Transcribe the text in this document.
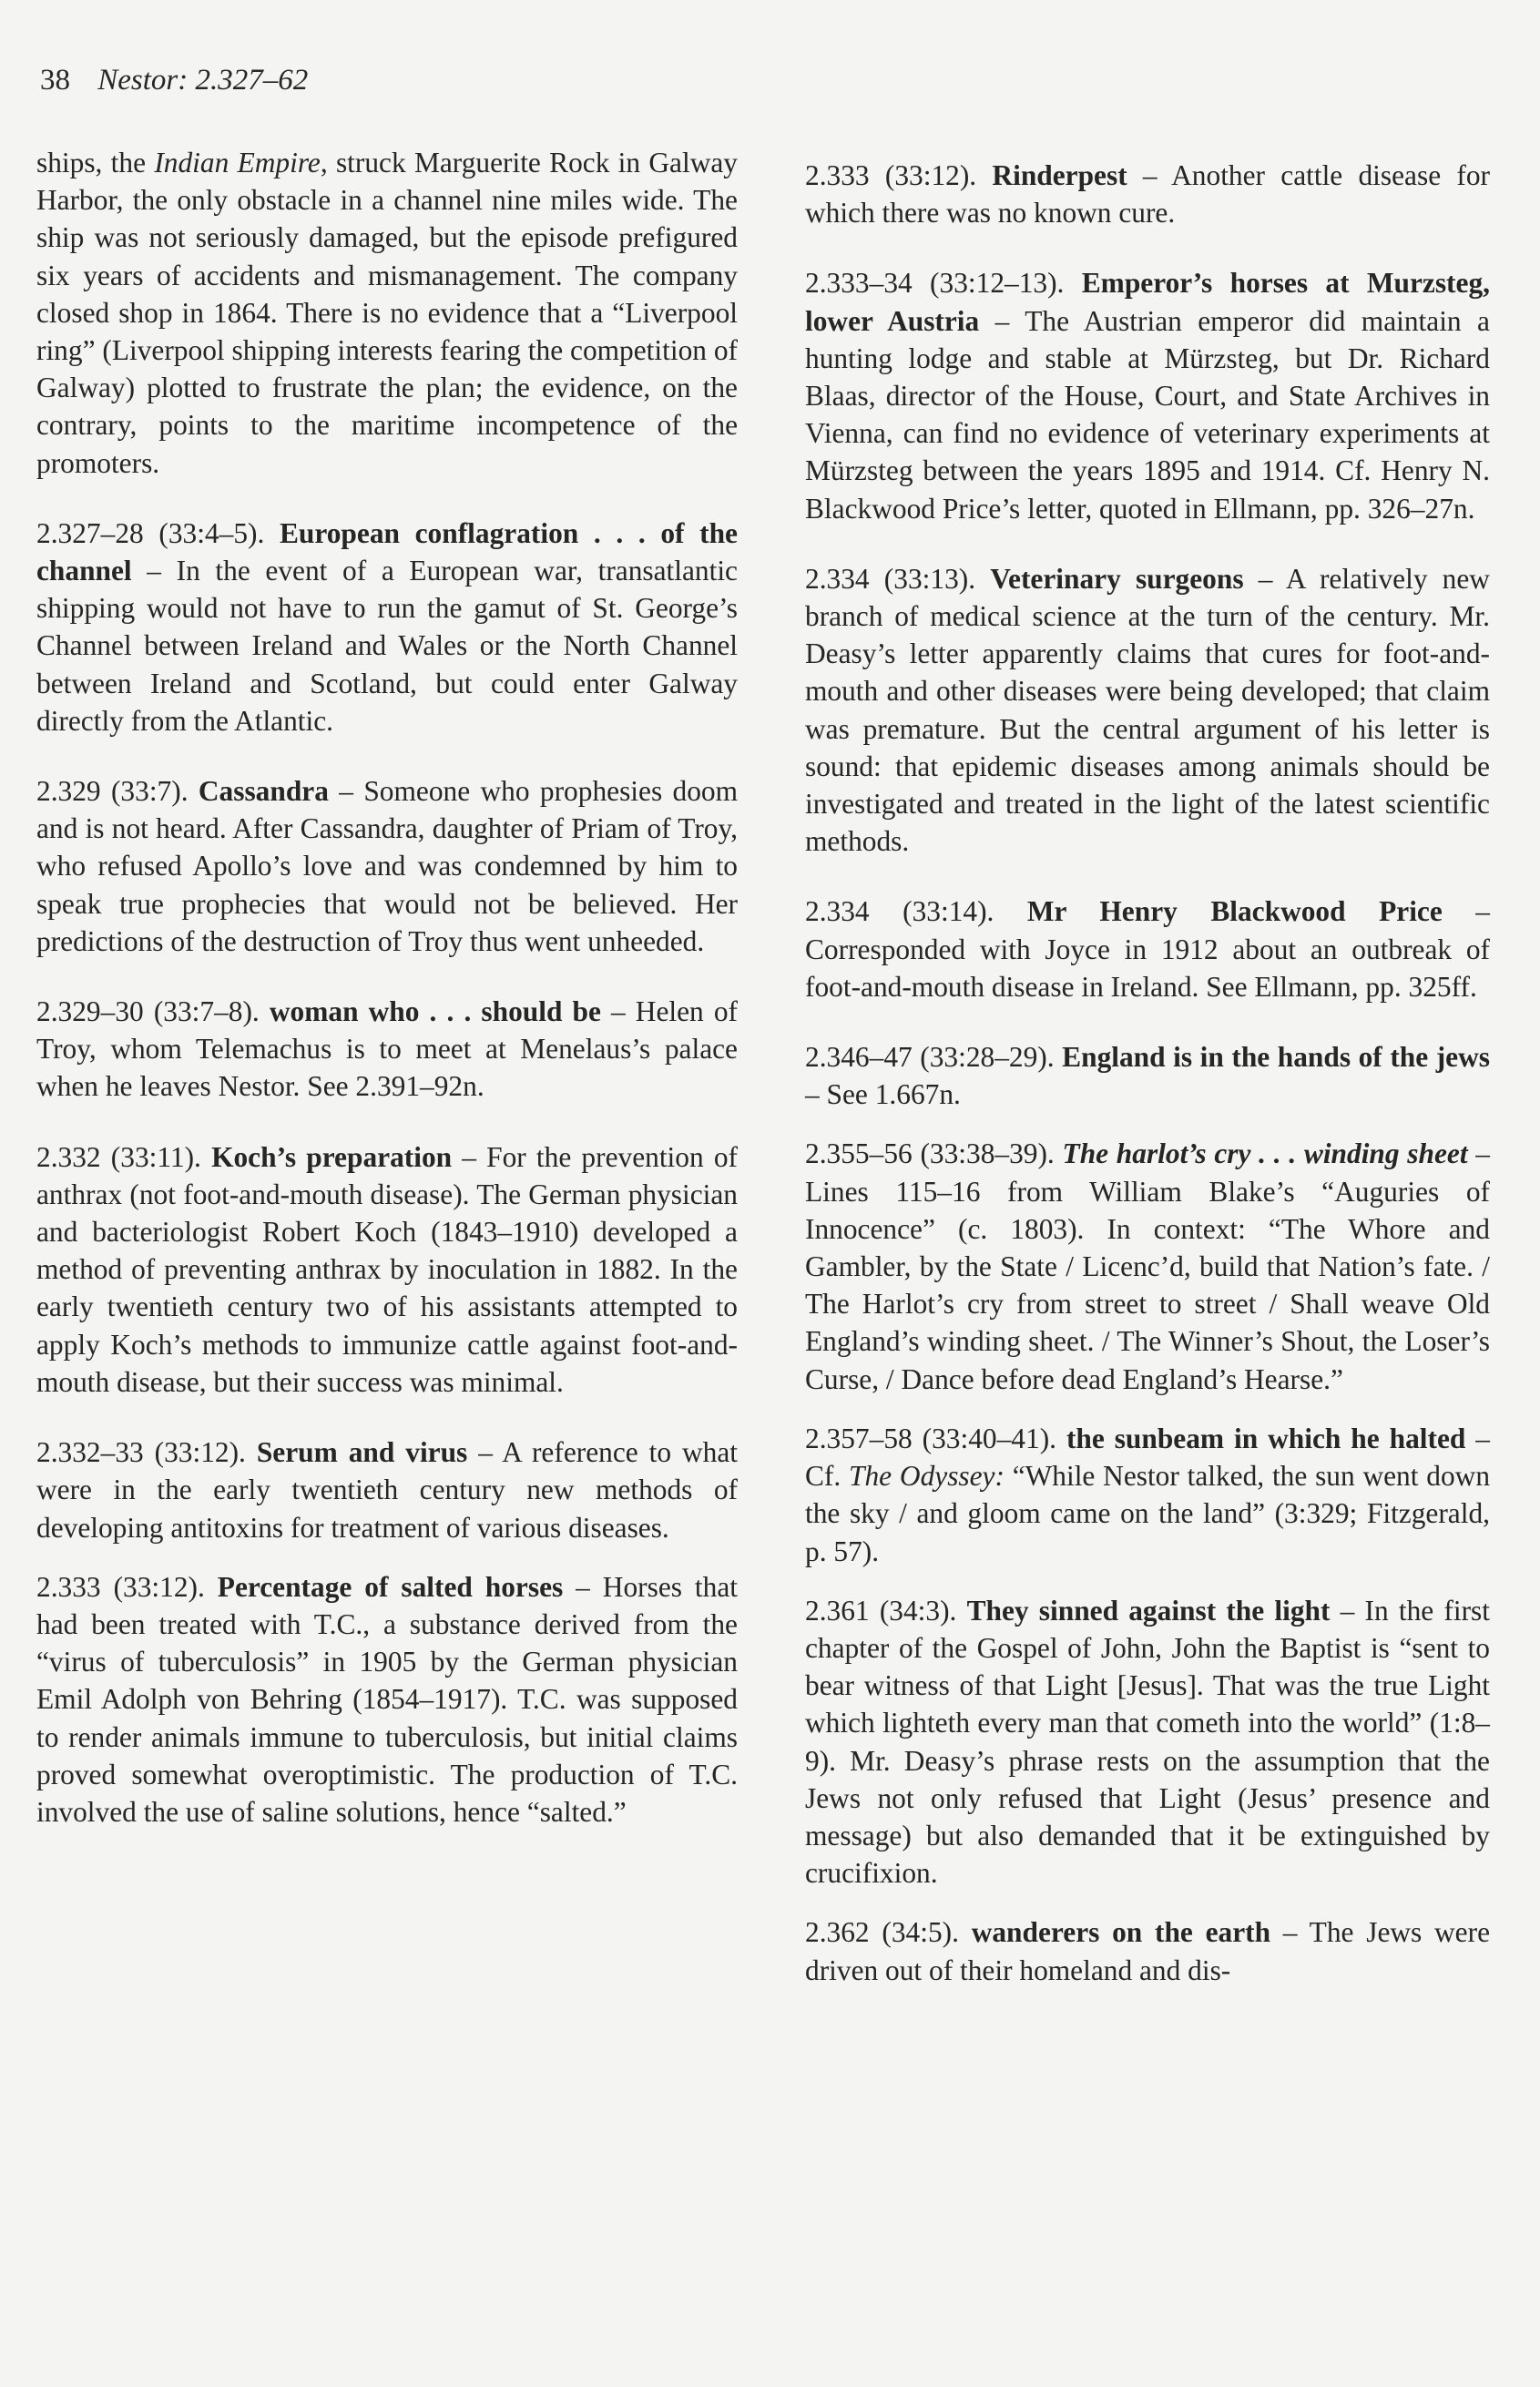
38 Nestor: 2.327–62

ships, the Indian Empire, struck Marguerite Rock in Galway Harbor, the only obstacle in a channel nine miles wide. The ship was not seriously damaged, but the episode prefigured six years of accidents and mismanagement. The company closed shop in 1864. There is no evidence that a “Liverpool ring” (Liverpool shipping interests fearing the competition of Galway) plotted to frustrate the plan; the evidence, on the contrary, points to the maritime incompetence of the promoters.

2.327–28 (33:4–5). European conflagration . . . of the channel – In the event of a European war, transatlantic shipping would not have to run the gamut of St. George’s Channel between Ireland and Wales or the North Channel between Ireland and Scotland, but could enter Galway directly from the Atlantic.

2.329 (33:7). Cassandra – Someone who prophesies doom and is not heard. After Cassandra, daughter of Priam of Troy, who refused Apollo’s love and was condemned by him to speak true prophecies that would not be believed. Her predictions of the destruction of Troy thus went unheeded.

2.329–30 (33:7–8). woman who . . . should be – Helen of Troy, whom Telemachus is to meet at Menelaus’s palace when he leaves Nestor. See 2.391–92n.

2.332 (33:11). Koch’s preparation – For the prevention of anthrax (not foot-and-mouth disease). The German physician and bacteriologist Robert Koch (1843–1910) developed a method of preventing anthrax by inoculation in 1882. In the early twentieth century two of his assistants attempted to apply Koch’s methods to immunize cattle against foot-and-mouth disease, but their success was minimal.

2.332–33 (33:12). Serum and virus – A reference to what were in the early twentieth century new methods of developing antitoxins for treatment of various diseases.

2.333 (33:12). Percentage of salted horses – Horses that had been treated with T.C., a substance derived from the “virus of tuberculosis” in 1905 by the German physician Emil Adolph von Behring (1854–1917). T.C. was supposed to render animals immune to tuberculosis, but initial claims proved somewhat overoptimistic. The production of T.C. involved the use of saline solutions, hence “salted.”

2.333 (33:12). Rinderpest – Another cattle disease for which there was no known cure.

2.333–34 (33:12–13). Emperor’s horses at Murzsteg, lower Austria – The Austrian emperor did maintain a hunting lodge and stable at Mürzsteg, but Dr. Richard Blaas, director of the House, Court, and State Archives in Vienna, can find no evidence of veterinary experiments at Mürzsteg between the years 1895 and 1914. Cf. Henry N. Blackwood Price’s letter, quoted in Ellmann, pp. 326–27n.

2.334 (33:13). Veterinary surgeons – A relatively new branch of medical science at the turn of the century. Mr. Deasy’s letter apparently claims that cures for foot-and-mouth and other diseases were being developed; that claim was premature. But the central argument of his letter is sound: that epidemic diseases among animals should be investigated and treated in the light of the latest scientific methods.

2.334 (33:14). Mr Henry Blackwood Price – Corresponded with Joyce in 1912 about an outbreak of foot-and-mouth disease in Ireland. See Ellmann, pp. 325ff.

2.346–47 (33:28–29). England is in the hands of the jews – See 1.667n.

2.355–56 (33:38–39). The harlot’s cry . . . winding sheet – Lines 115–16 from William Blake’s “Auguries of Innocence” (c. 1803). In context: “The Whore and Gambler, by the State / Licenc’d, build that Nation’s fate. / The Harlot’s cry from street to street / Shall weave Old England’s winding sheet. / The Winner’s Shout, the Loser’s Curse, / Dance before dead England’s Hearse.”

2.357–58 (33:40–41). the sunbeam in which he halted – Cf. The Odyssey: “While Nestor talked, the sun went down the sky / and gloom came on the land” (3:329; Fitzgerald, p. 57).

2.361 (34:3). They sinned against the light – In the first chapter of the Gospel of John, John the Baptist is “sent to bear witness of that Light [Jesus]. That was the true Light which lighteth every man that cometh into the world” (1:8–9). Mr. Deasy’s phrase rests on the assumption that the Jews not only refused that Light (Jesus’ presence and message) but also demanded that it be extinguished by crucifixion.

2.362 (34:5). wanderers on the earth – The Jews were driven out of their homeland and dis-
